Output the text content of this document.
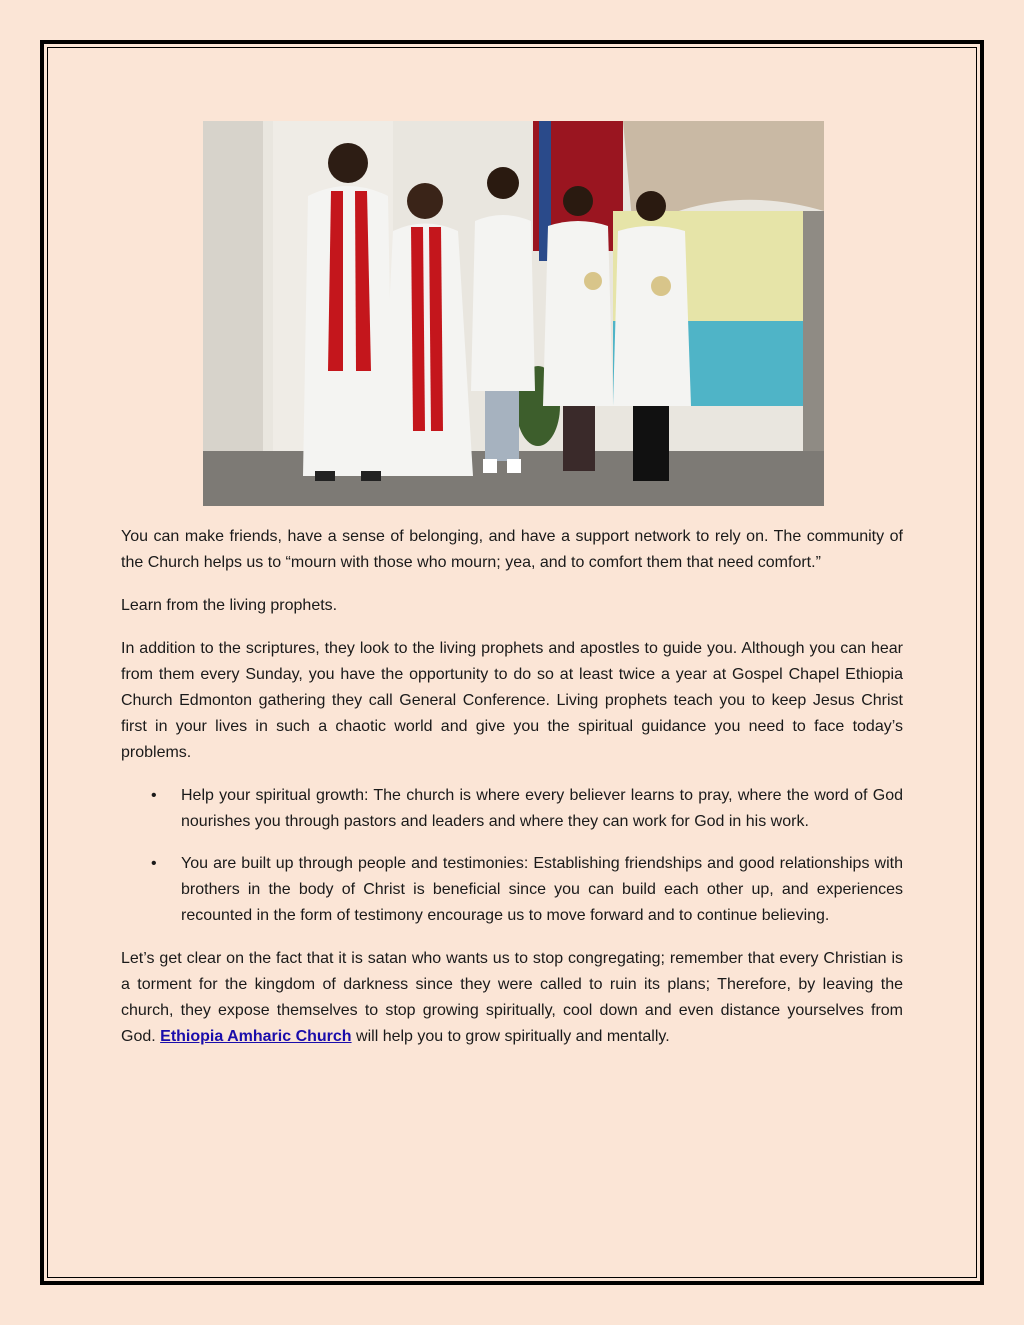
You can make friends, have a sense of belonging, and have a support network to rely on. The community of the Church helps us to “mourn with those who mourn; yea, and to comfort them that need comfort.”

Learn from the living prophets.

In addition to the scriptures, they look to the living prophets and apostles to guide you. Although you can hear from them every Sunday, you have the opportunity to do so at least twice a year at Gospel Chapel Ethiopia Church Edmonton gathering they call General Conference. Living prophets teach you to keep Jesus Christ first in your lives in such a chaotic world and give you the spiritual guidance you need to face today’s problems.

• Help your spiritual growth: The church is where every believer learns to pray, where the word of God nourishes you through pastors and leaders and where they can work for God in his work.
• You are built up through people and testimonies: Establishing friendships and good relationships with brothers in the body of Christ is beneficial since you can build each other up, and experiences recounted in the form of testimony encourage us to move forward and to continue believing.

Let’s get clear on the fact that it is satan who wants us to stop congregating; remember that every Christian is a torment for the kingdom of darkness since they were called to ruin its plans; Therefore, by leaving the church, they expose themselves to stop growing spiritually, cool down and even distance yourselves from God. Ethiopia Amharic Church will help you to grow spiritually and mentally.
